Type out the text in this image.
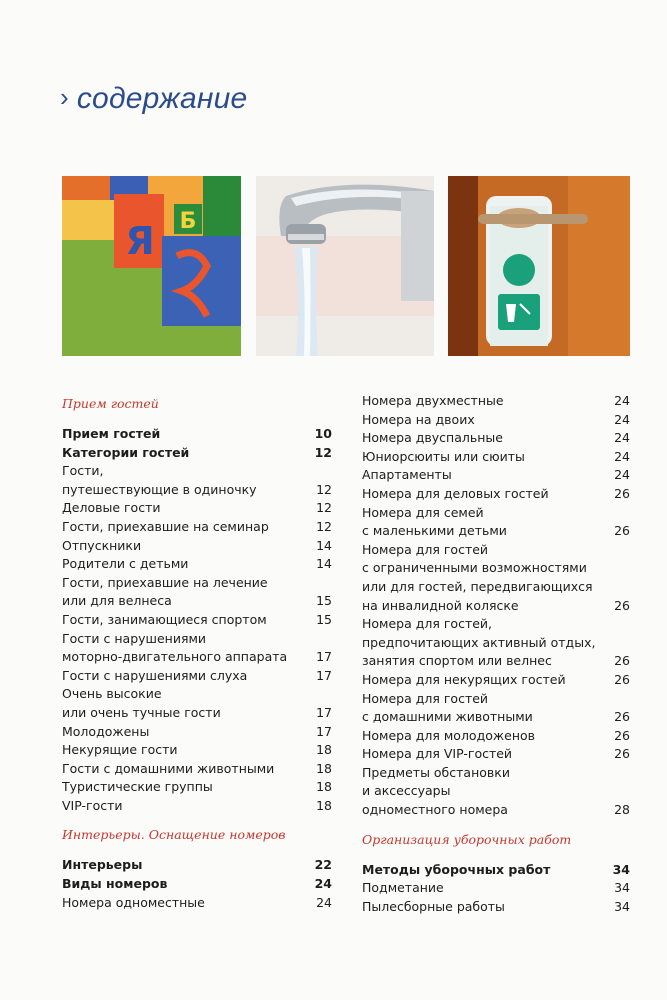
› содержание
Я Б
Прием гостей
Прием гостей	10
Категории гостей	12
Гости,
путешествующие в одиночку	12
Деловые гости	12
Гости, приехавшие на семинар	12
Отпускники	14
Родители с детьми	14
Гости, приехавшие на лечение
или для велнеса	15
Гости, занимающиеся спортом	15
Гости с нарушениями
моторно-двигательного аппарата	17
Гости с нарушениями слуха	17
Очень высокие
или очень тучные гости	17
Молодожены	17
Некурящие гости	18
Гости с домашними животными	18
Туристические группы	18
VIP-гости	18
Интерьеры. Оснащение номеров
Интерьеры	22
Виды номеров	24
Номера одноместные	24
Номера двухместные	24
Номера на двоих	24
Номера двуспальные	24
Юниорсюиты или сюиты	24
Апартаменты	24
Номера для деловых гостей	26
Номера для семей
с маленькими детьми	26
Номера для гостей
с ограниченными возможностями
или для гостей, передвигающихся
на инвалидной коляске	26
Номера для гостей,
предпочитающих активный отдых,
занятия спортом или велнес	26
Номера для некурящих гостей	26
Номера для гостей
с домашними животными	26
Номера для молодоженов	26
Номера для VIP-гостей	26
Предметы обстановки
и аксессуары
одноместного номера	28
Организация уборочных работ
Методы уборочных работ	34
Подметание	34
Пылесборные работы	34
